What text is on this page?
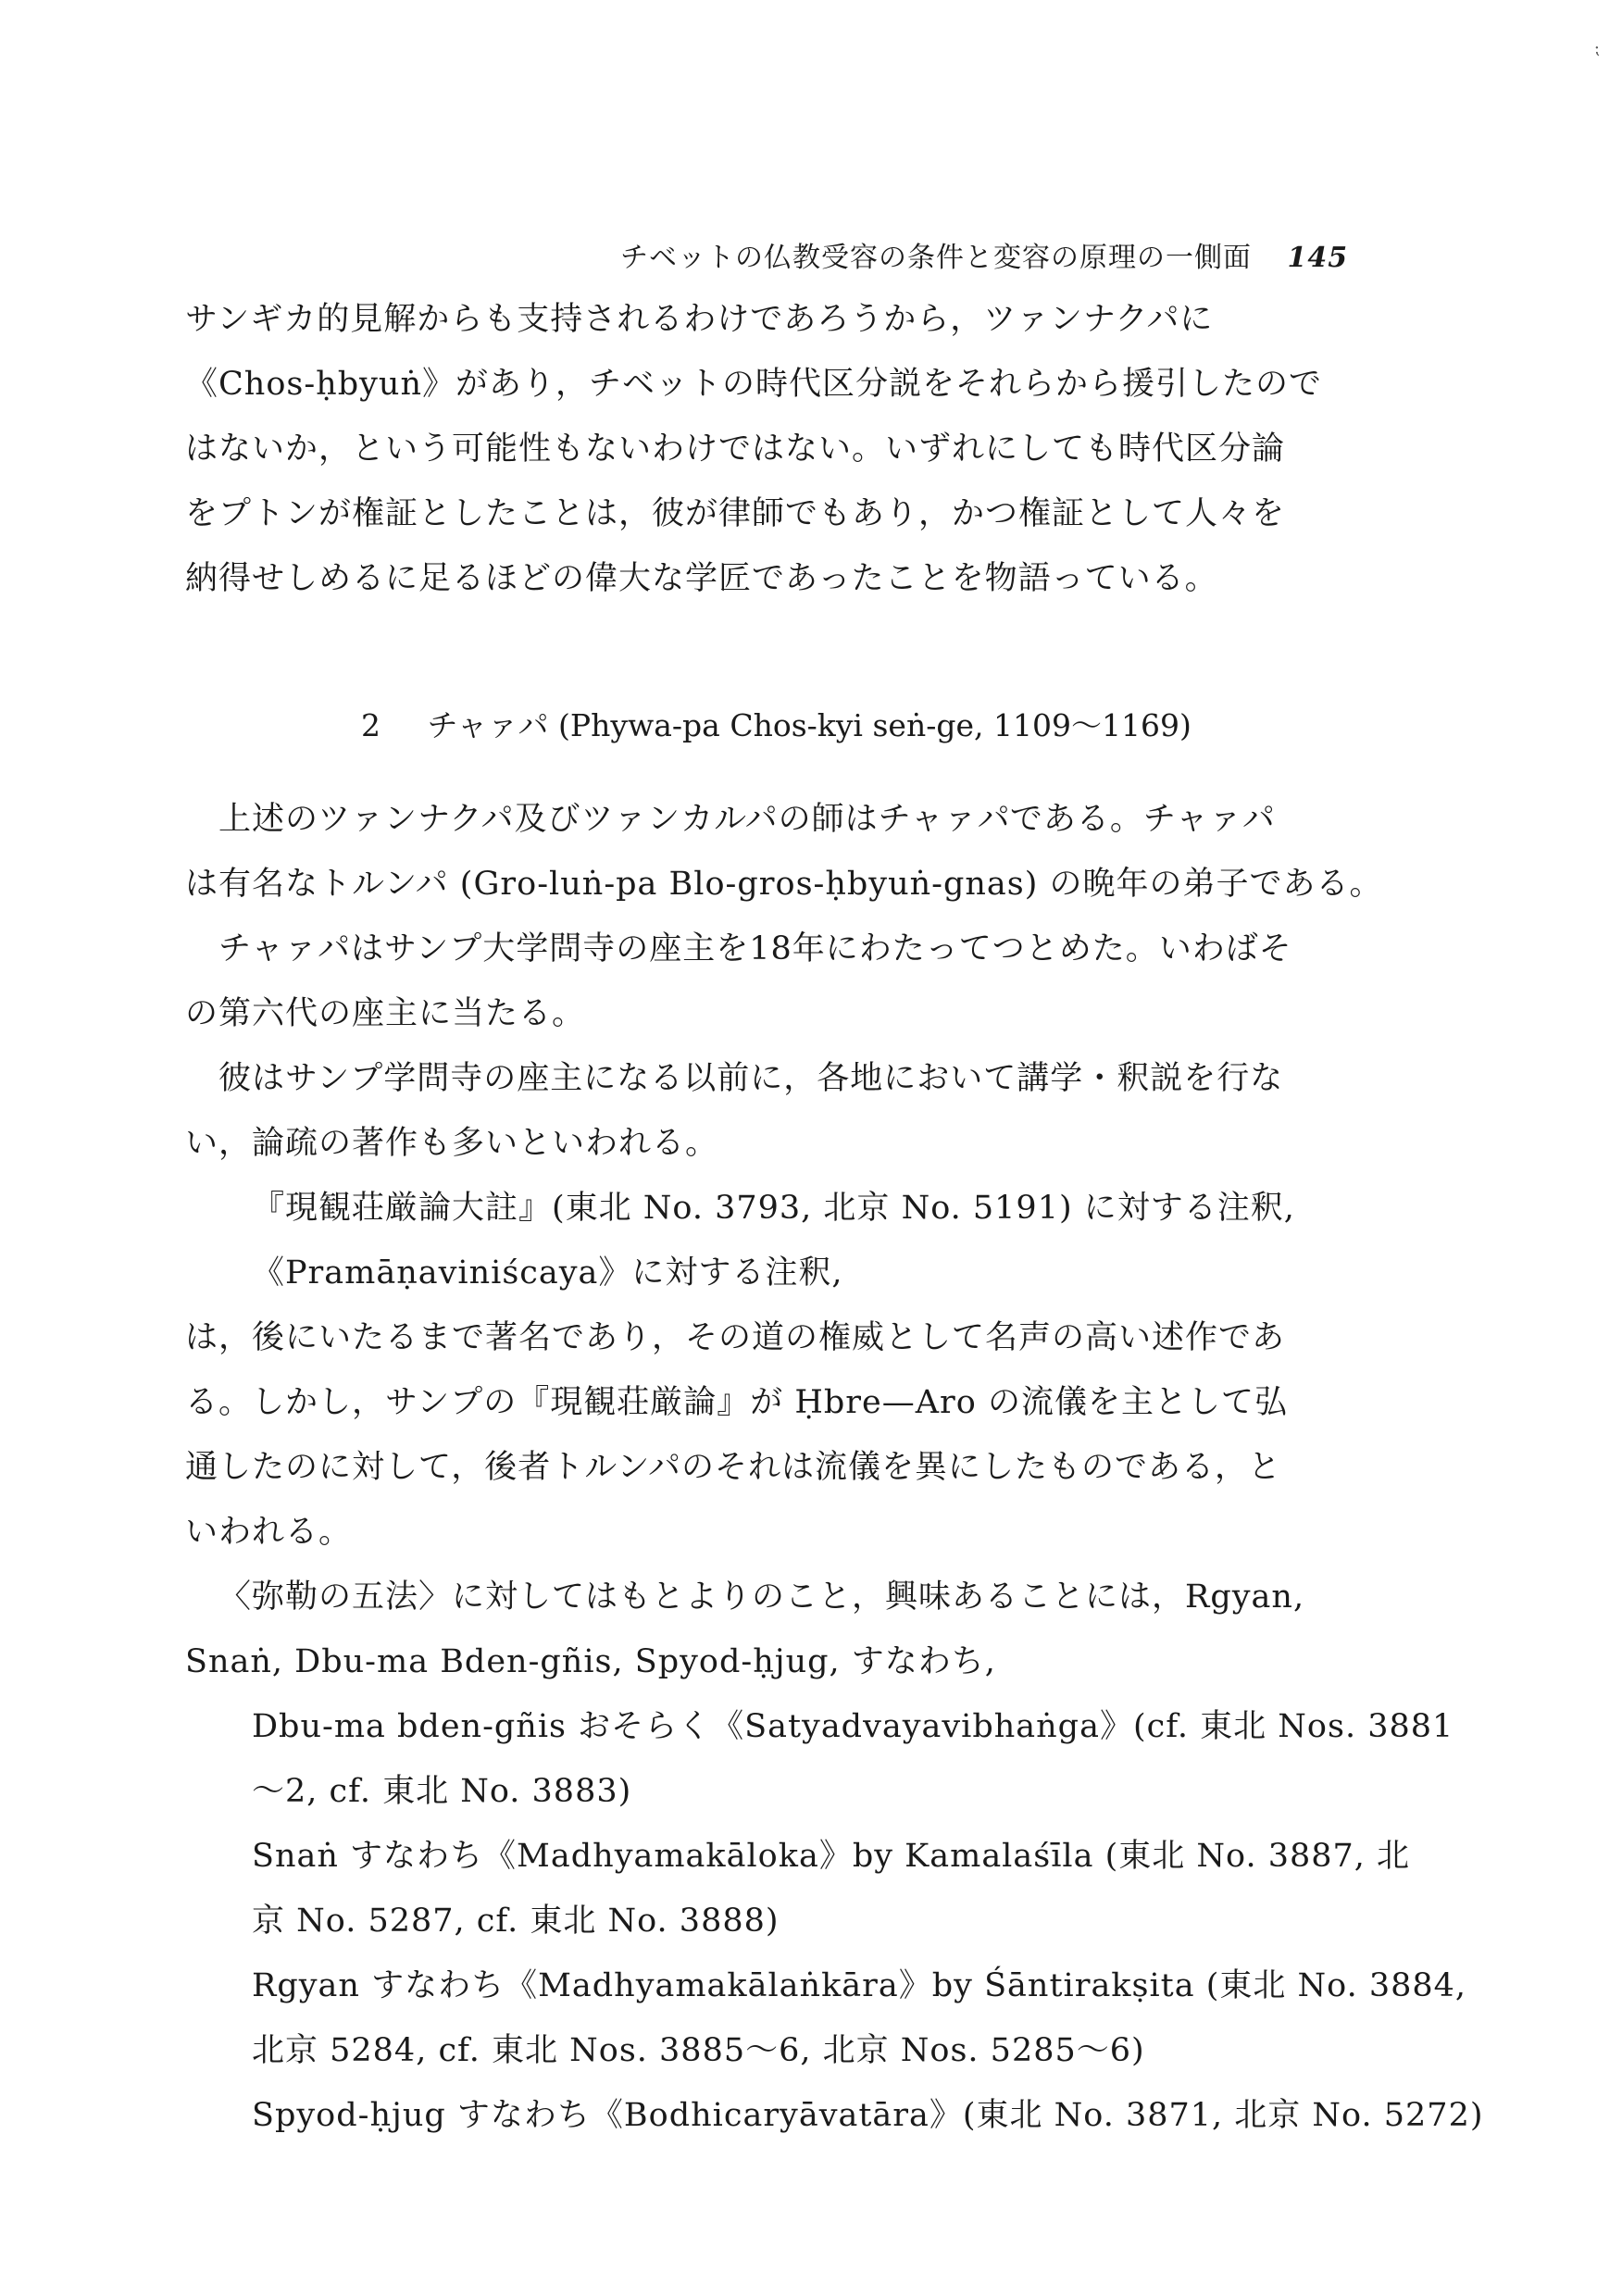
⁏
チベットの仏教受容の条件と変容の原理の一側面 145
サンギカ的見解からも支持されるわけであろうから，ツァンナクパに
《Chos-ḥbyuṅ》があり，チベットの時代区分説をそれらから援引したので
はないか，という可能性もないわけではない。いずれにしても時代区分論
をプトンが権証としたことは，彼が律師でもあり，かつ権証として人々を
納得せしめるに足るほどの偉大な学匠であったことを物語っている。
2 チャァパ (Phywa-pa Chos-kyi seṅ-ge, 1109〜1169)
上述のツァンナクパ及びツァンカルパの師はチャァパである。チャァパ
は有名なトルンパ (Gro-luṅ-pa Blo-gros-ḥbyuṅ-gnas) の晩年の弟子である。
チャァパはサンプ大学問寺の座主を18年にわたってつとめた。いわばそ
の第六代の座主に当たる。
彼はサンプ学問寺の座主になる以前に，各地において講学・釈説を行な
い，論疏の著作も多いといわれる。
『現観荘厳論大註』(東北 No. 3793, 北京 No. 5191) に対する注釈,
《Pramāṇaviniścaya》に対する注釈,
は，後にいたるまで著名であり，その道の権威として名声の高い述作であ
る。しかし，サンプの『現観荘厳論』が Ḥbre—Aro の流儀を主として弘
通したのに対して，後者トルンパのそれは流儀を異にしたものである，と
いわれる。
〈弥勒の五法〉に対してはもとよりのこと，興味あることには，Rgyan,
Snaṅ, Dbu-ma Bden-gñis, Spyod-ḥjug, すなわち,
Dbu-ma bden-gñis おそらく《Satyadvayavibhaṅga》(cf. 東北 Nos. 3881
〜2, cf. 東北 No. 3883)
Snaṅ すなわち《Madhyamakāloka》by Kamalaśīla (東北 No. 3887, 北
京 No. 5287, cf. 東北 No. 3888)
Rgyan すなわち《Madhyamakālaṅkāra》by Śāntirakṣita (東北 No. 3884,
北京 5284, cf. 東北 Nos. 3885〜6, 北京 Nos. 5285〜6)
Spyod-ḥjug すなわち《Bodhicaryāvatāra》(東北 No. 3871, 北京 No. 5272)
